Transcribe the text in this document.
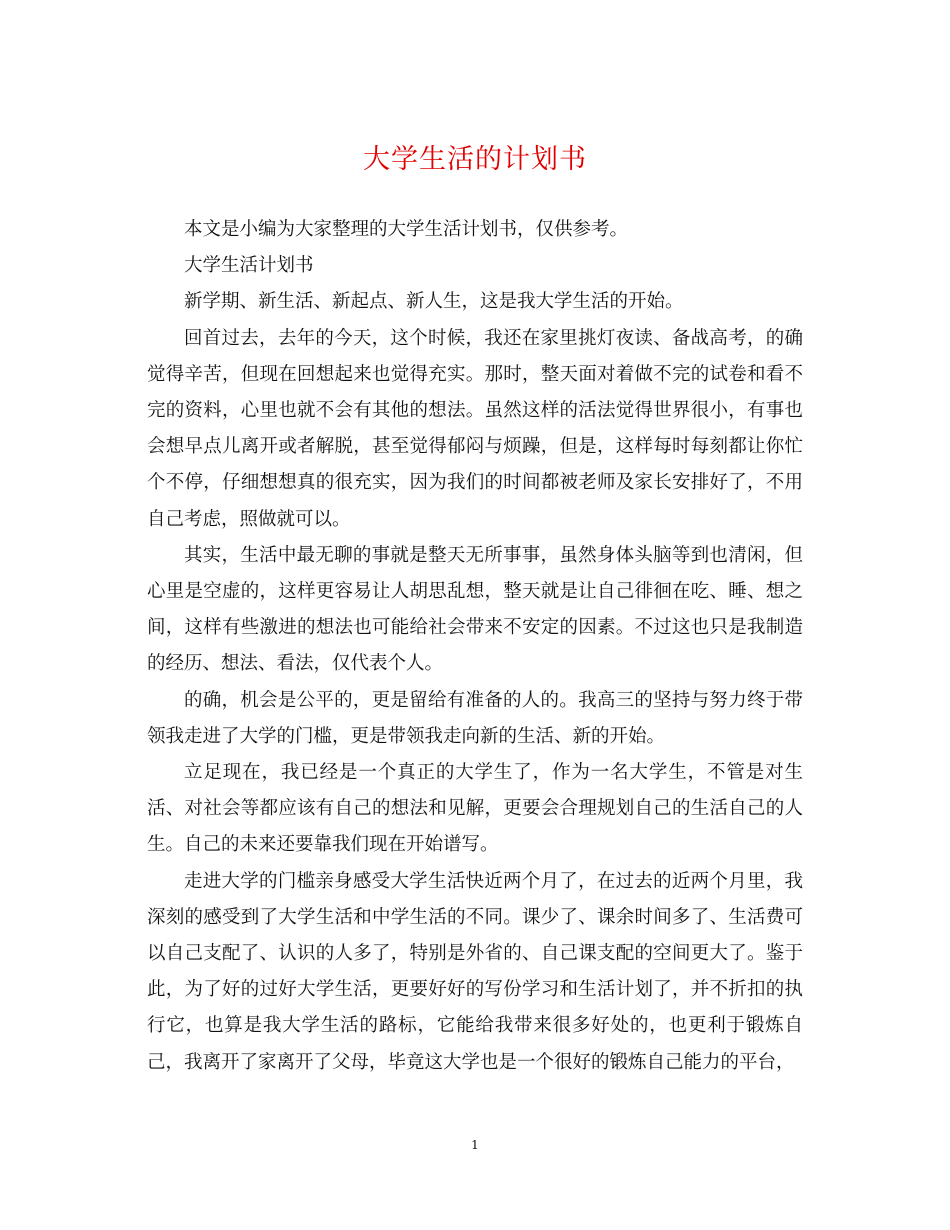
大学生活的计划书

本文是小编为大家整理的大学生活计划书，仅供参考。

大学生活计划书

新学期、新生活、新起点、新人生，这是我大学生活的开始。

回首过去，去年的今天，这个时候，我还在家里挑灯夜读、备战高考，的确觉得辛苦，但现在回想起来也觉得充实。那时，整天面对着做不完的试卷和看不完的资料，心里也就不会有其他的想法。虽然这样的活法觉得世界很小，有事也会想早点儿离开或者解脱，甚至觉得郁闷与烦躁，但是，这样每时每刻都让你忙个不停，仔细想想真的很充实，因为我们的时间都被老师及家长安排好了，不用自己考虑，照做就可以。

其实，生活中最无聊的事就是整天无所事事，虽然身体头脑等到也清闲，但心里是空虚的，这样更容易让人胡思乱想，整天就是让自己徘徊在吃、睡、想之间，这样有些激进的想法也可能给社会带来不安定的因素。不过这也只是我制造的经历、想法、看法，仅代表个人。

的确，机会是公平的，更是留给有准备的人的。我高三的坚持与努力终于带领我走进了大学的门槛，更是带领我走向新的生活、新的开始。

立足现在，我已经是一个真正的大学生了，作为一名大学生，不管是对生活、对社会等都应该有自己的想法和见解，更要会合理规划自己的生活自己的人生。自己的未来还要靠我们现在开始谱写。

走进大学的门槛亲身感受大学生活快近两个月了，在过去的近两个月里，我深刻的感受到了大学生活和中学生活的不同。课少了、课余时间多了、生活费可以自己支配了、认识的人多了，特别是外省的、自己课支配的空间更大了。鉴于此，为了好的过好大学生活，更要好好的写份学习和生活计划了，并不折扣的执行它，也算是我大学生活的路标，它能给我带来很多好处的，也更利于锻炼自己，我离开了家离开了父母，毕竟这大学也是一个很好的锻炼自己能力的平台，

1
